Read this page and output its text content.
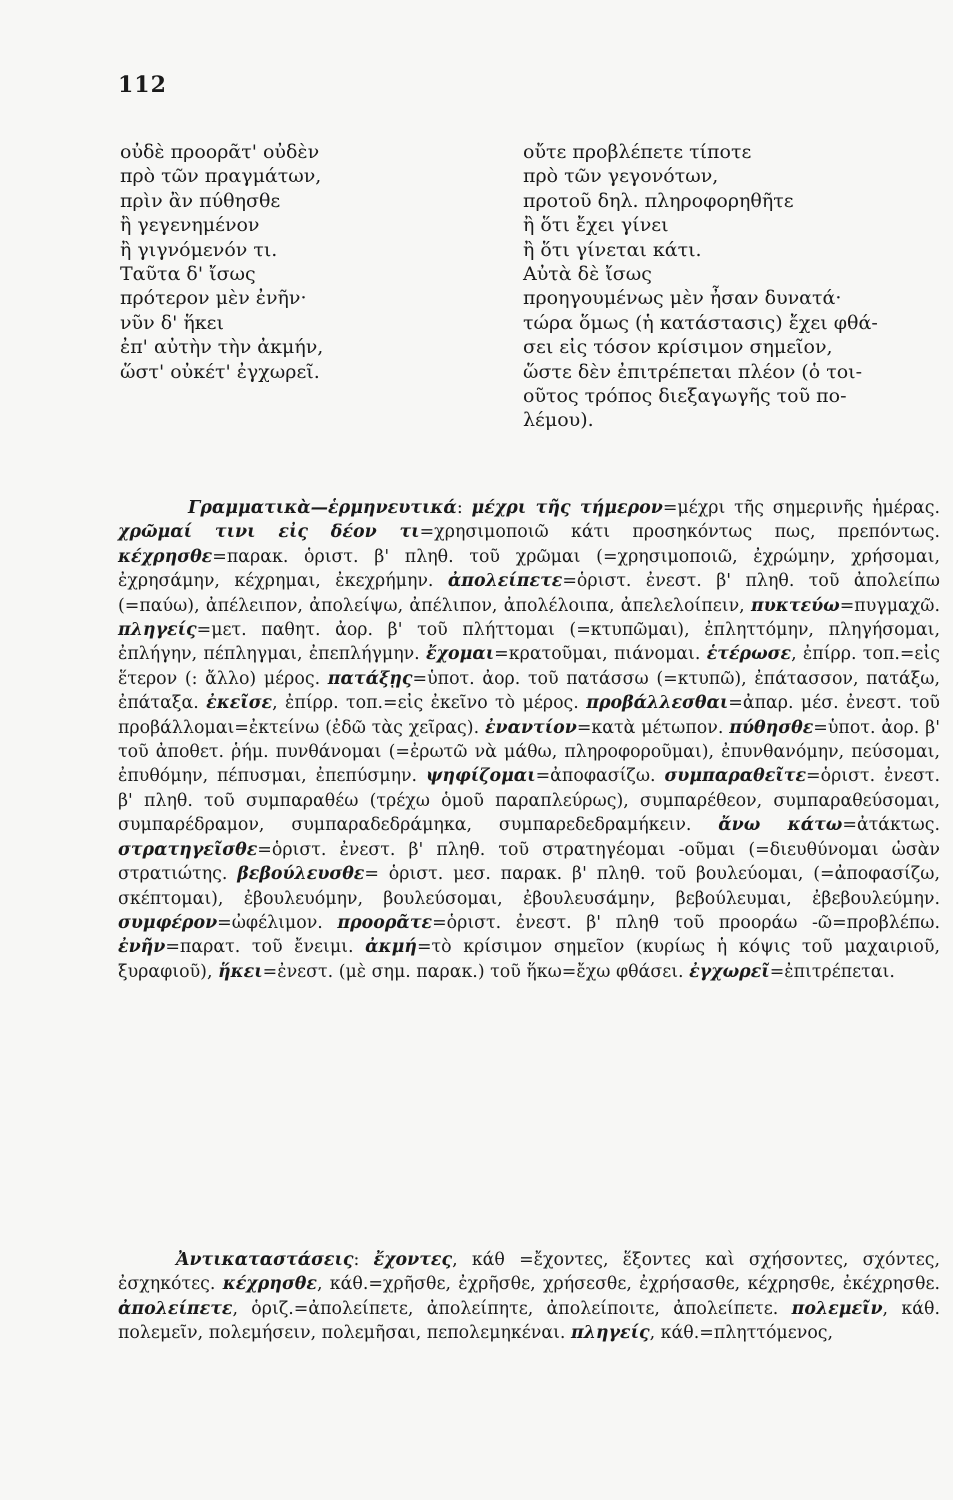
112
οὐδὲ προορᾶτ' οὐδὲν
πρὸ τῶν πραγμάτων,
πρὶν ἂν πύθησθε
ἢ γεγενημένον
ἢ γιγνόμενόν τι.
Ταῦτα δ' ἴσως
πρότερον μὲν ἐνῆν·
νῦν δ' ἥκει
ἐπ' αὐτὴν τὴν ἀκμήν,
ὥστ' οὐκέτ' ἐγχωρεῖ.
οὔτε προβλέπετε τίποτε
πρὸ τῶν γεγονότων,
προτοῦ δηλ. πληροφορηθῆτε
ἢ ὅτι ἔχει γίνει
ἢ ὅτι γίνεται κάτι.
Αὐτὰ δὲ ἴσως
προηγουμένως μὲν ἦσαν δυνατά·
τώρα ὅμως (ἡ κατάστασις) ἔχει φθά-
σει εἰς τόσον κρίσιμον σημεῖον,
ὥστε δὲν ἐπιτρέπεται πλέον (ὁ τοι-
οῦτος τρόπος διεξαγωγῆς τοῦ πο-
λέμου).
Γραμματικὰ—ἑρμηνευτικά: μέχρι τῆς τήμερον=μέχρι τῆς σημερινῆς ἡμέρας. χρῶμαί τινι εἰς δέον τι=χρησιμοποιῶ κάτι προσηκόντως πως, πρεπόντως. κέχρησθε=παρακ. ὁριστ. β' πληθ. τοῦ χρῶμαι (=χρησιμοποιῶ, ἐχρώμην, χρήσομαι, ἐχρησάμην, κέχρημαι, ἐκεχρήμην. ἀπολείπετε=ὁριστ. ἐνεστ. β' πληθ. τοῦ ἀπολείπω (=παύω), ἀπέλειπον, ἀπολείψω, ἀπέλιπον, ἀπολέλοιπα, ἀπελελοίπειν, πυκτεύω=πυγμαχῶ. πληγείς=μετ. παθητ. ἀορ. β' τοῦ πλήττομαι (=κτυπῶμαι), ἐπληττόμην, πληγήσομαι, ἐπλήγην, πέπληγμαι, ἐπεπλήγμην. ἔχομαι=κρατοῦμαι, πιάνομαι. ἑτέρωσε, ἐπίρρ. τοπ.=εἰς ἕτερον (: ἄλλο) μέρος. πατάξῃς=ὑποτ. ἀορ. τοῦ πατάσσω (=κτυπῶ), ἐπάτασσον, πατάξω, ἐπάταξα. ἐκεῖσε, ἐπίρρ. τοπ.=εἰς ἐκεῖνο τὸ μέρος. προβάλλεσθαι=ἀπαρ. μέσ. ἐνεστ. τοῦ προβάλλομαι=ἐκτείνω (ἐδῶ τὰς χεῖρας). ἐναντίον=κατὰ μέτωπον. πύθησθε=ὑποτ. ἀορ. β' τοῦ ἀποθετ. ῥήμ. πυνθάνομαι (=ἐρωτῶ νὰ μάθω, πληροφοροῦμαι), ἐπυνθανόμην, πεύσομαι, ἐπυθόμην, πέπυσμαι, ἐπεπύσμην. ψηφίζομαι=ἀποφασίζω. συμπαραθεῖτε=ὁριστ. ἐνεστ. β' πληθ. τοῦ συμπαραθέω (τρέχω ὁμοῦ παραπλεύρως), συμπαρέθεον, συμπαραθεύσομαι, συμπαρέδραμον, συμπαραδεδράμηκα, συμπαρεδεδραμήκειν. ἄνω κάτω=ἀτάκτως. στρατηγεῖσθε=ὁριστ. ἐνεστ. β' πληθ. τοῦ στρατηγέομαι -οῦμαι (=διευθύνομαι ὡσὰν στρατιώτης. βεβούλευσθε= ὁριστ. μεσ. παρακ. β' πληθ. τοῦ βουλεύομαι, (=ἀποφασίζω, σκέπτομαι), ἐβουλευόμην, βουλεύσομαι, ἐβουλευσάμην, βεβούλευμαι, ἐβεβουλεύμην. συμφέρον=ὠφέλιμον. προορᾶτε=ὁριστ. ἐνεστ. β' πληθ τοῦ προοράω -ῶ=προβλέπω. ἐνῆν=παρατ. τοῦ ἔνειμι. ἀκμή=τὸ κρίσιμον σημεῖον (κυρίως ἡ κόψις τοῦ μαχαιριοῦ, ξυραφιοῦ), ἥκει=ἐνεστ. (μὲ σημ. παρακ.) τοῦ ἥκω=ἔχω φθάσει. ἐγχωρεῖ=ἐπιτρέπεται.
Ἀντικαταστάσεις: ἔχοντες, κάθ =ἔχοντες, ἕξοντες καὶ σχήσοντες, σχόντες, ἐσχηκότες. κέχρησθε, κάθ.=χρῆσθε, ἐχρῆσθε, χρήσεσθε, ἐχρήσασθε, κέχρησθε, ἐκέχρησθε. ἀπολείπετε, ὁριζ.=ἀπολείπετε, ἀπολείπητε, ἀπολείποιτε, ἀπολείπετε. πολεμεῖν, κάθ. πολεμεῖν, πολεμήσειν, πολεμῆσαι, πεπολεμηκέναι. πληγείς, κάθ.=πληττόμενος,
